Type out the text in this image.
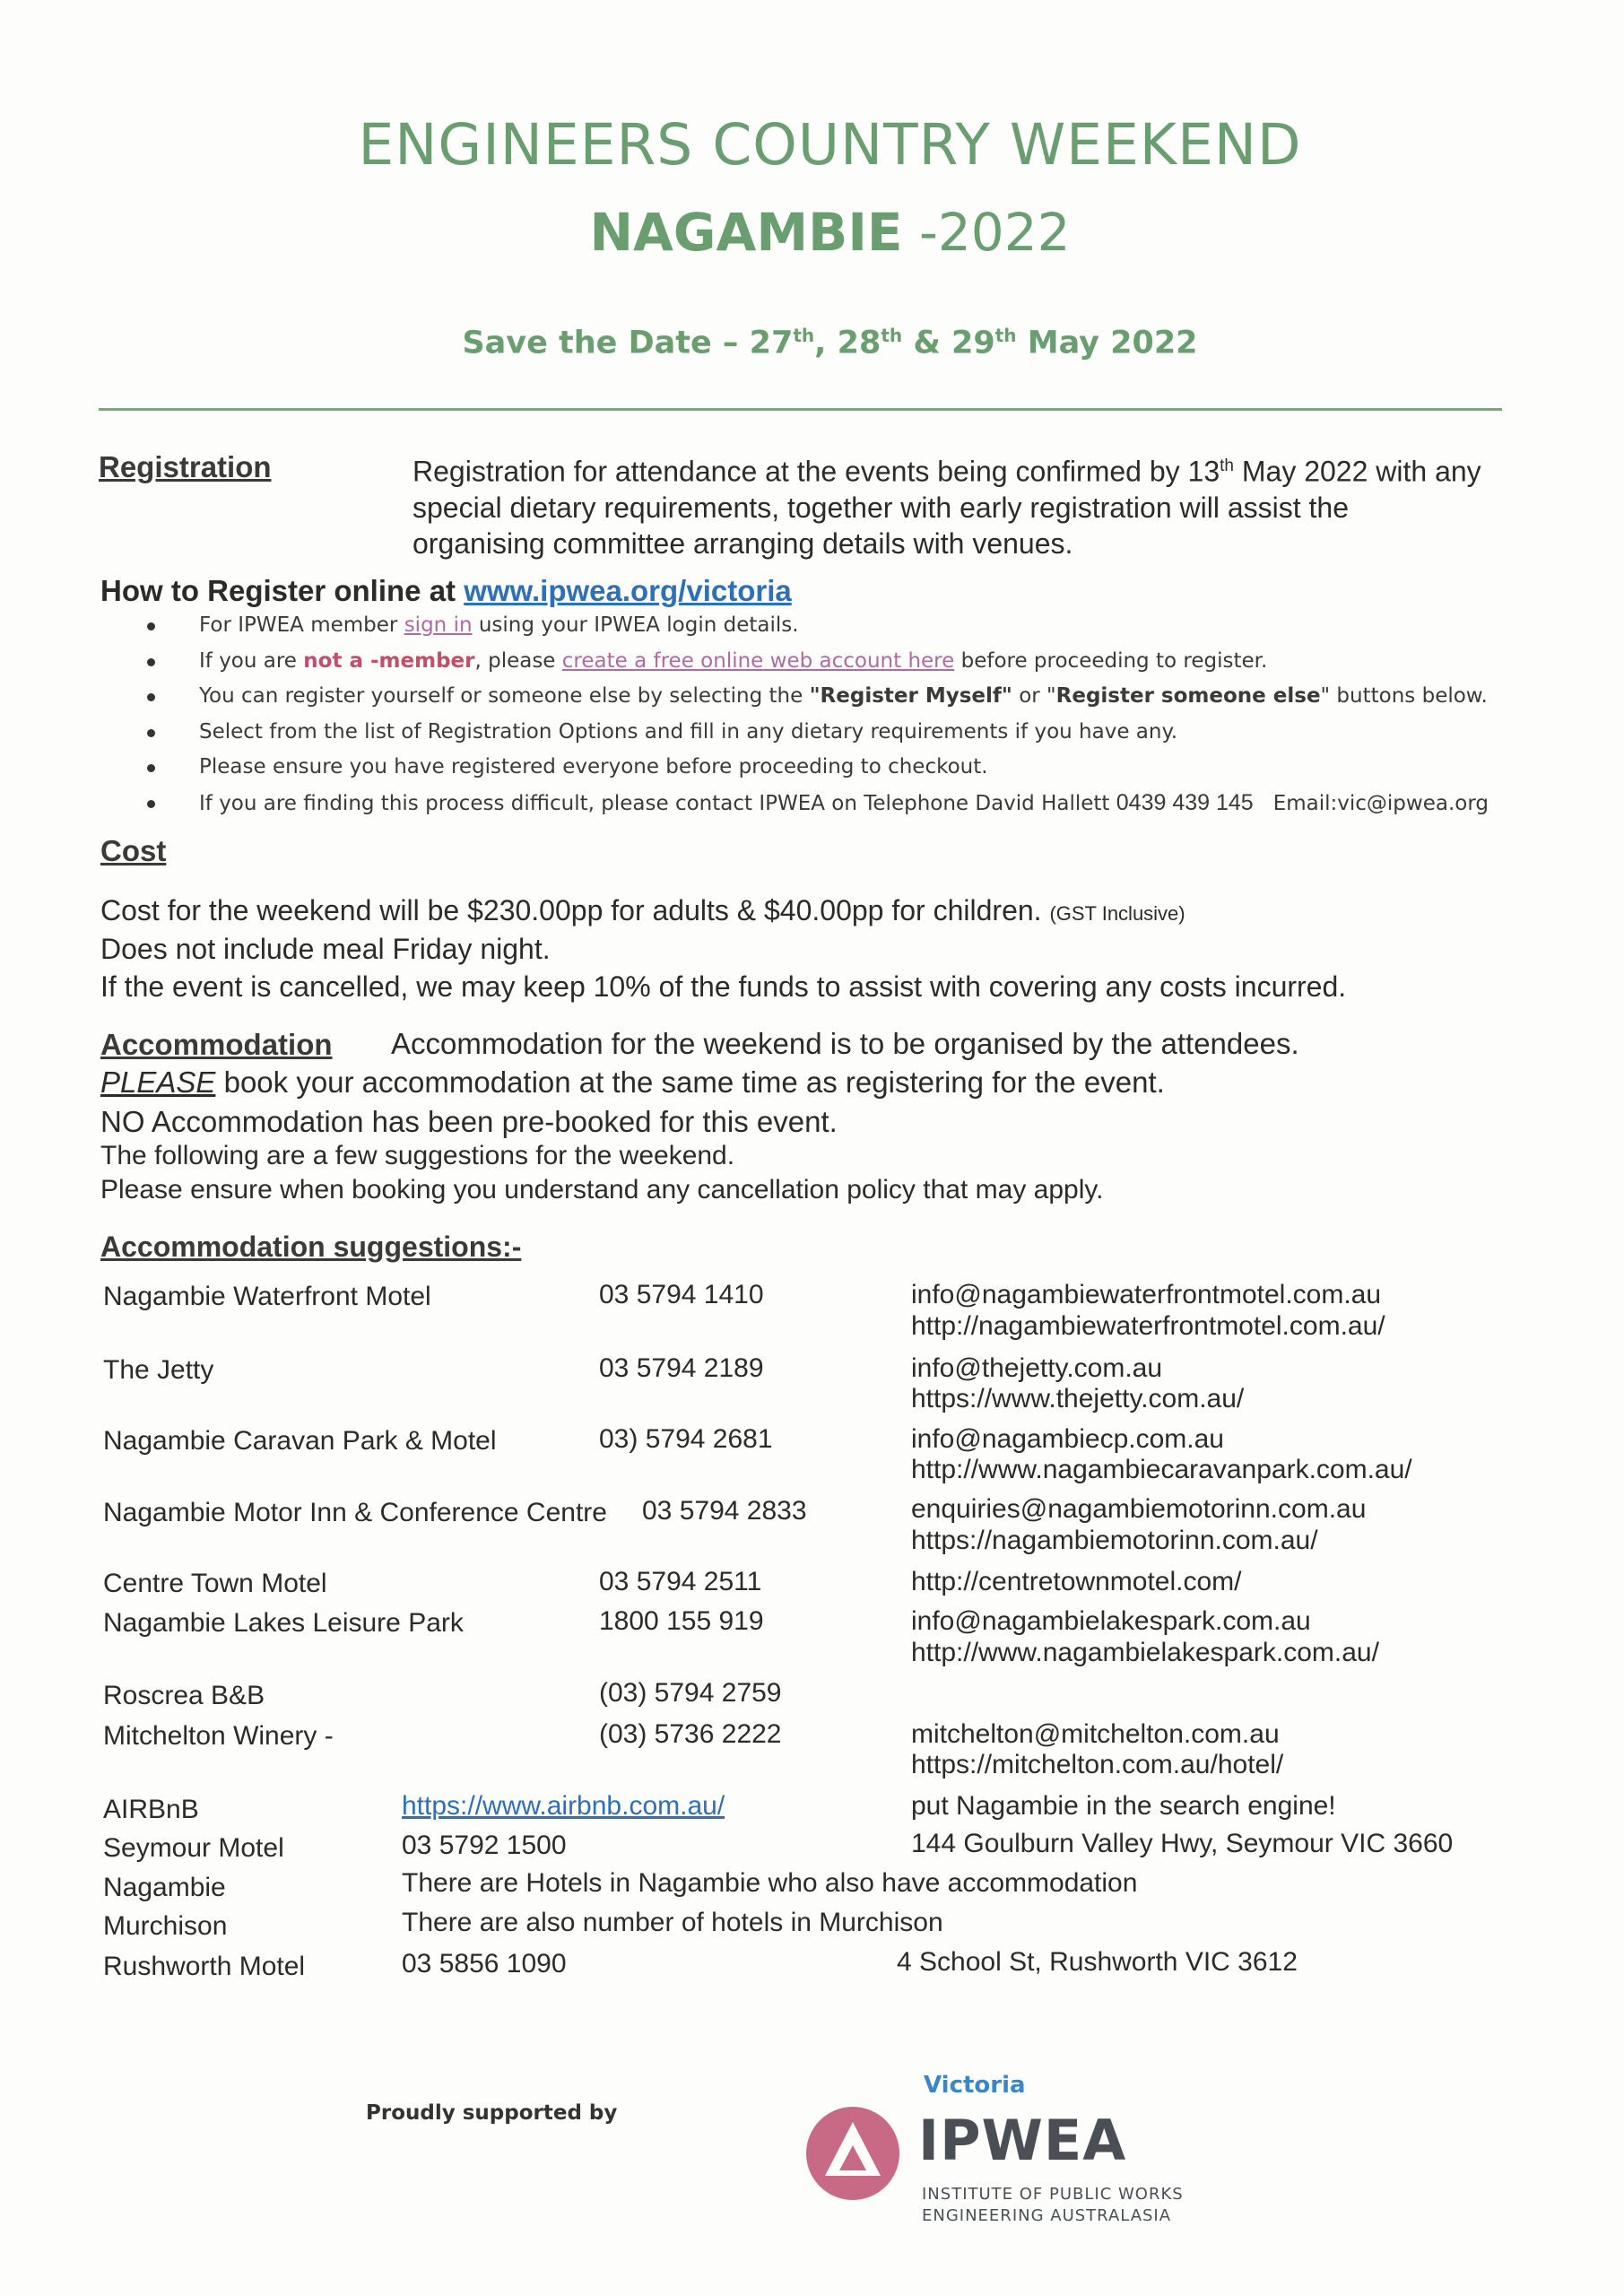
ENGINEERS COUNTRY WEEKEND
NAGAMBIE -2022
Save the Date – 27th, 28th & 29th May 2022
Registration	Registration for attendance at the events being confirmed by 13th May 2022 with any special dietary requirements, together with early registration will assist the organising committee arranging details with venues.
How to Register online at www.ipwea.org/victoria
For IPWEA member sign in using your IPWEA login details.
If you are not a -member, please create a free online web account here before proceeding to register.
You can register yourself or someone else by selecting the "Register Myself" or "Register someone else" buttons below.
Select from the list of Registration Options and fill in any dietary requirements if you have any.
Please ensure you have registered everyone before proceeding to checkout.
If you are finding this process difficult, please contact IPWEA on Telephone David Hallett 0439 439 145 Email:vic@ipwea.org
Cost
Cost for the weekend will be $230.00pp for adults & $40.00pp for children. (GST Inclusive)
Does not include meal Friday night.
If the event is cancelled, we may keep 10% of the funds to assist with covering any costs incurred.
Accommodation Accommodation for the weekend is to be organised by the attendees.
PLEASE book your accommodation at the same time as registering for the event.
NO Accommodation has been pre-booked for this event.
The following are a few suggestions for the weekend.
Please ensure when booking you understand any cancellation policy that may apply.
Accommodation suggestions:-
Nagambie Waterfront Motel	03 5794 1410	info@nagambiewaterfrontmotel.com.au
http://nagambiewaterfrontmotel.com.au/
The Jetty	03 5794 2189	info@thejetty.com.au
https://www.thejetty.com.au/
Nagambie Caravan Park & Motel	03) 5794 2681	info@nagambiecp.com.au
http://www.nagambiecaravanpark.com.au/
Nagambie Motor Inn & Conference Centre 03 5794 2833	enquiries@nagambiemotorinn.com.au
https://nagambiemotorinn.com.au/
Centre Town Motel	03 5794 2511	http://centretownmotel.com/
Nagambie Lakes Leisure Park	1800 155 919	info@nagambielakespark.com.au
http://www.nagambielakespark.com.au/
Roscrea B&B	(03) 5794 2759
Mitchelton Winery -	(03) 5736 2222	mitchelton@mitchelton.com.au
https://mitchelton.com.au/hotel/
AIRBnB	https://www.airbnb.com.au/	put Nagambie in the search engine!
Seymour Motel	03 5792 1500	144 Goulburn Valley Hwy, Seymour VIC 3660
Nagambie	There are Hotels in Nagambie who also have accommodation
Murchison	There are also number of hotels in Murchison
Rushworth Motel	03 5856 1090	4 School St, Rushworth VIC 3612
Proudly supported by
Victoria
IPWEA
INSTITUTE OF PUBLIC WORKS
ENGINEERING AUSTRALASIA
